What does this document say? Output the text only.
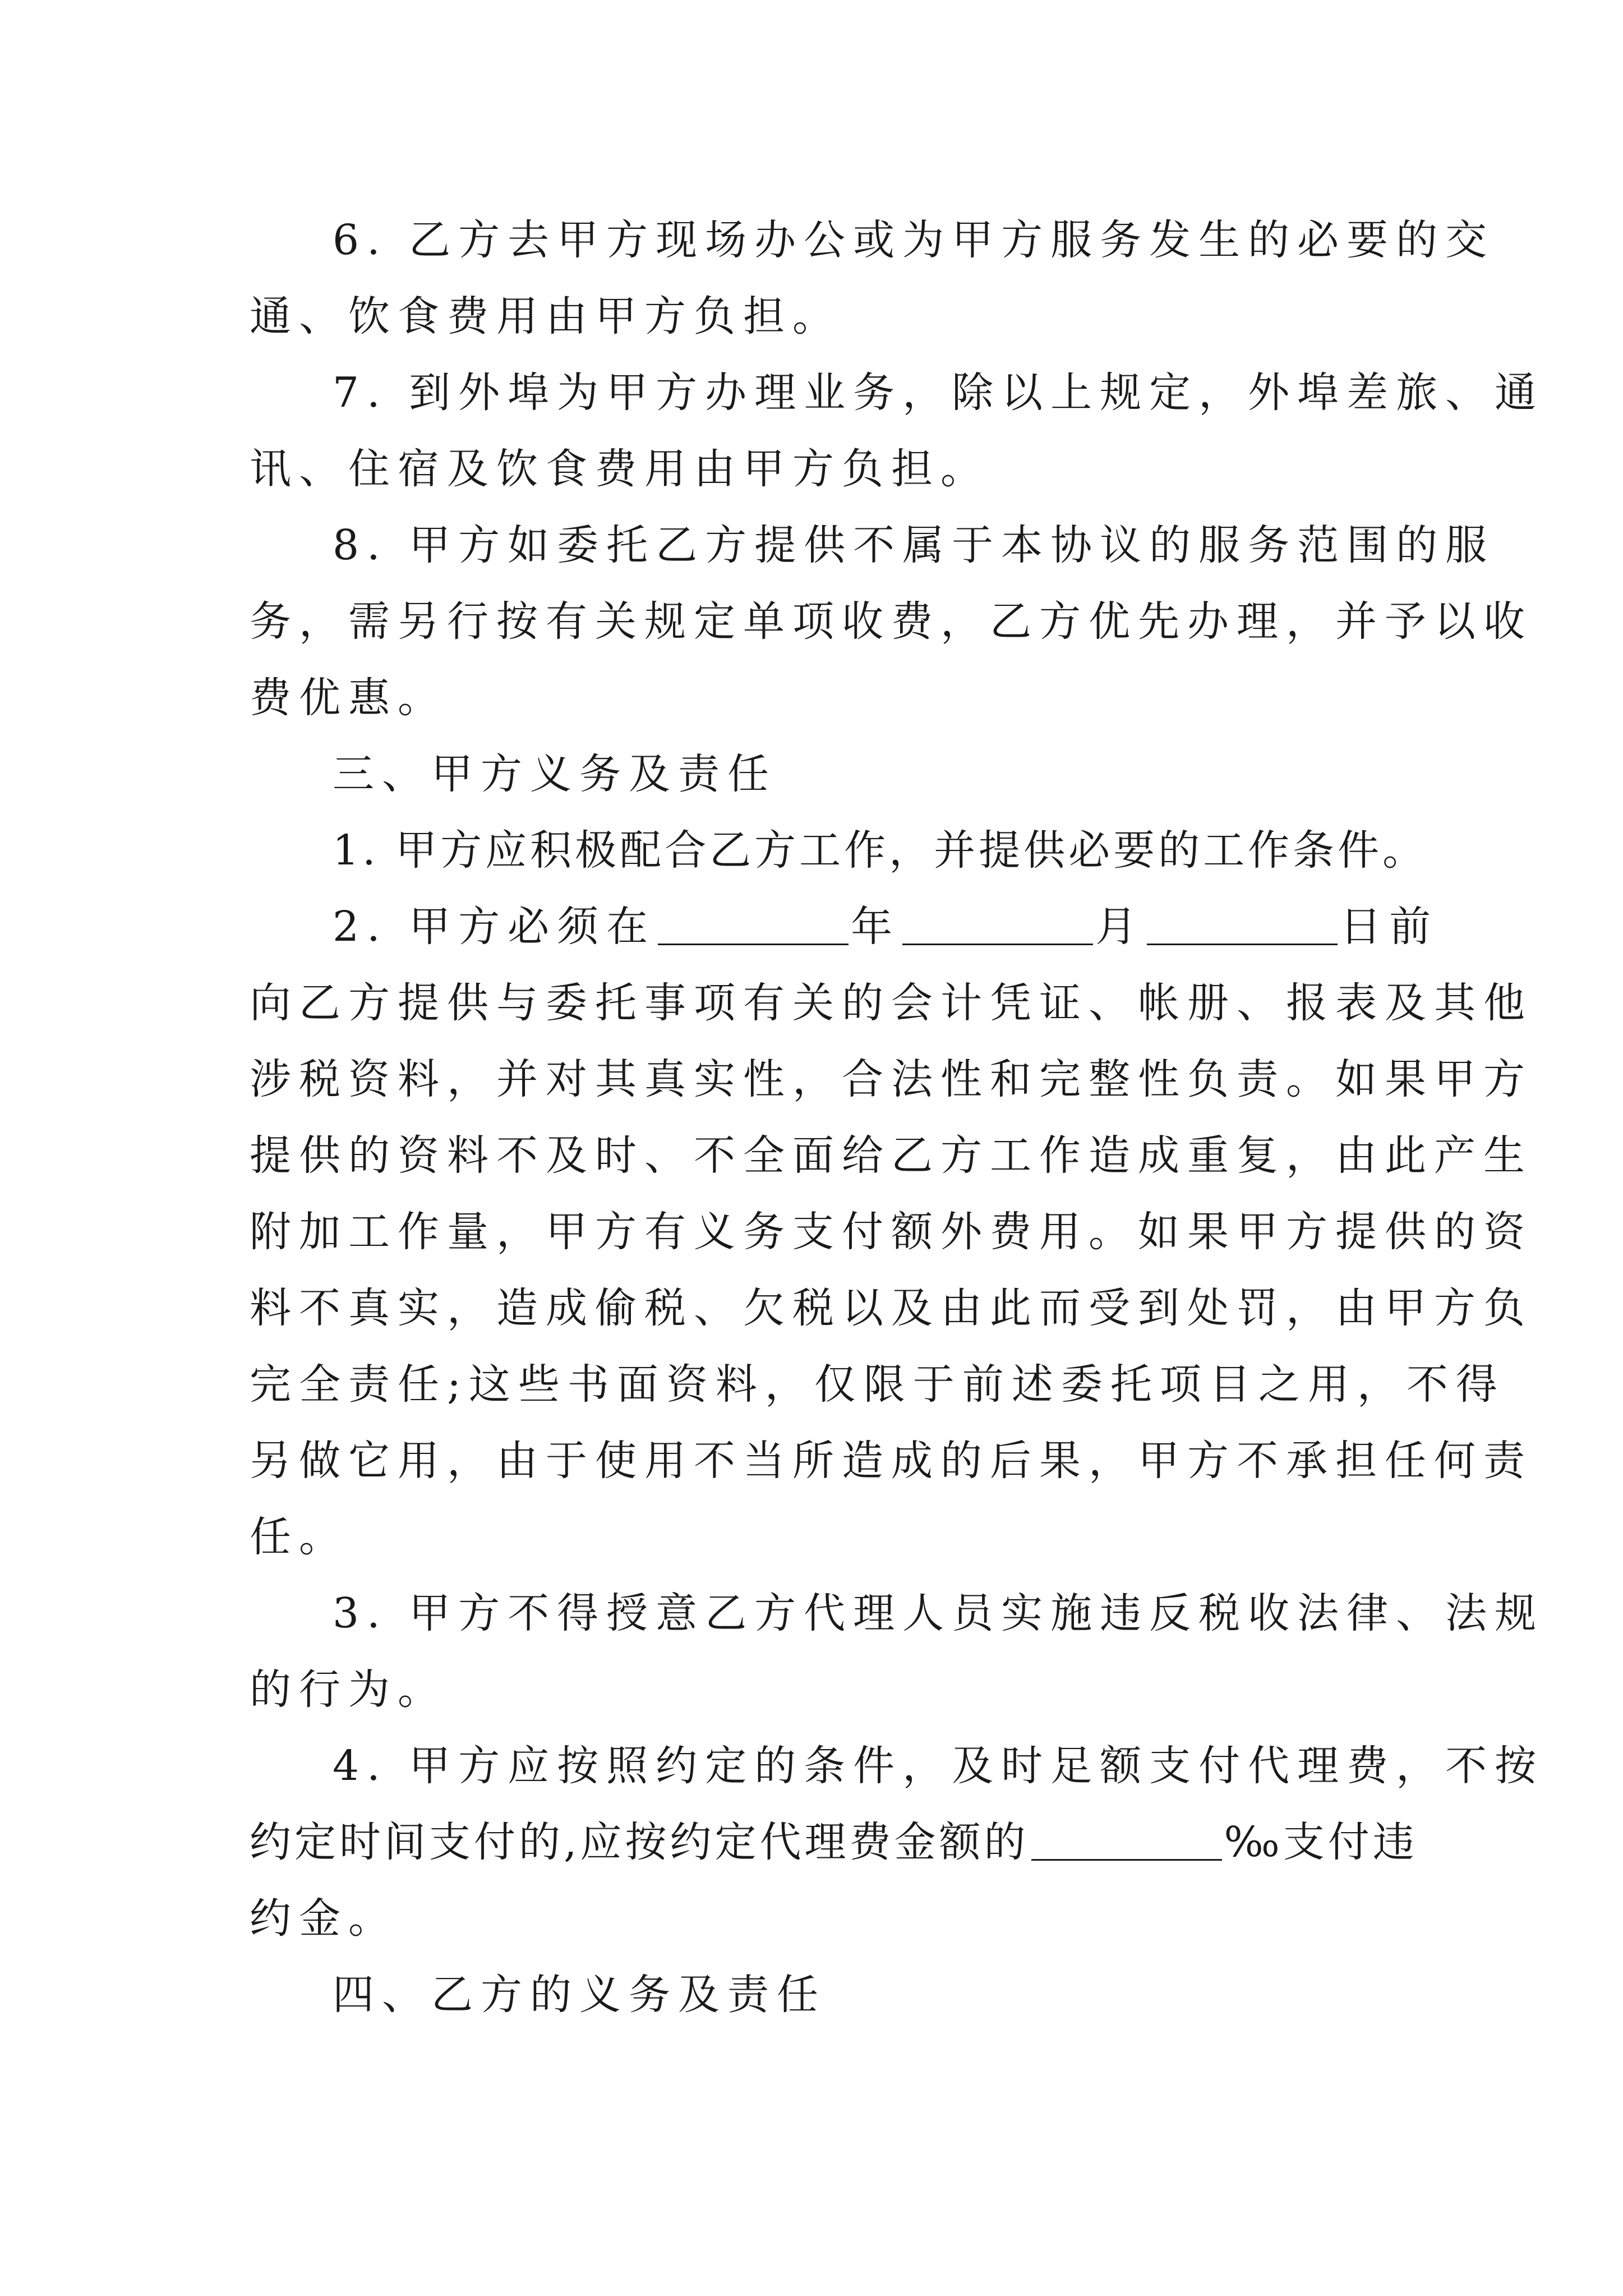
6. 乙方去甲方现场办公或为甲方服务发生的必要的交
通、饮食费用由甲方负担。
7. 到外埠为甲方办理业务，除以上规定，外埠差旅、通
讯、住宿及饮食费用由甲方负担。
8. 甲方如委托乙方提供不属于本协议的服务范围的服
务，需另行按有关规定单项收费，乙方优先办理，并予以收
费优惠。
三、甲方义务及责任
1. 甲方应积极配合乙方工作，并提供必要的工作条件。
2. 甲方必须在	年	月	日前
向乙方提供与委托事项有关的会计凭证、帐册、报表及其他
涉税资料，并对其真实性，合法性和完整性负责。如果甲方
提供的资料不及时、不全面给乙方工作造成重复，由此产生
附加工作量，甲方有义务支付额外费用。如果甲方提供的资
料不真实，造成偷税、欠税以及由此而受到处罚，由甲方负
完全责任;这些书面资料，仅限于前述委托项目之用，不得
另做它用，由于使用不当所造成的后果，甲方不承担任何责
任。
3. 甲方不得授意乙方代理人员实施违反税收法律、法规
的行为。
4. 甲方应按照约定的条件，及时足额支付代理费，不按
约定时间支付的,应按约定代理费金额的	‰支付违
约金。
四、乙方的义务及责任
